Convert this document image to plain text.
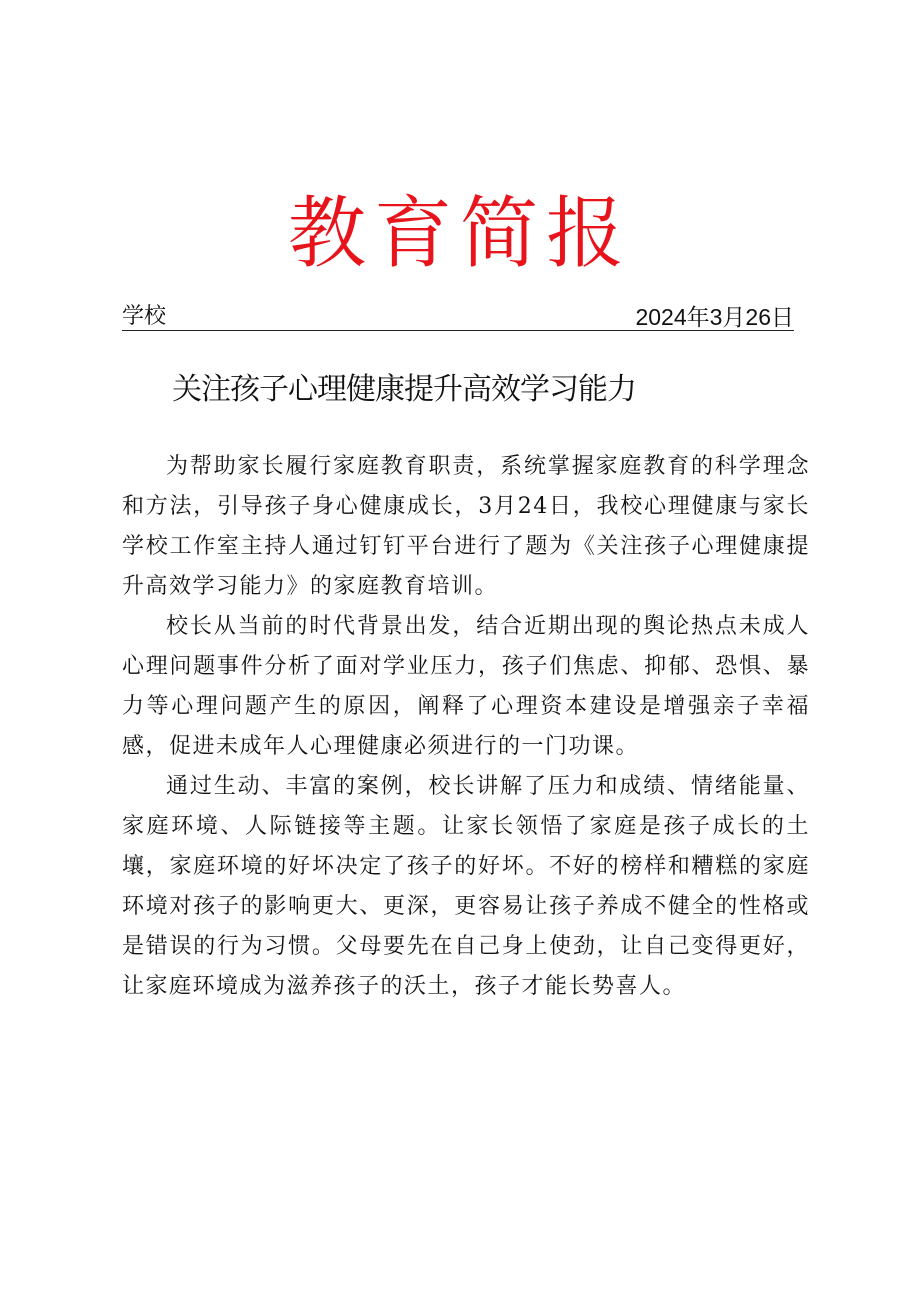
教育简报
学校	2024年3月26日
关注孩子心理健康提升高效学习能力

为帮助家长履行家庭教育职责，系统掌握家庭教育的科学理念和方法，引导孩子身心健康成长，3月24日，我校心理健康与家长学校工作室主持人通过钉钉平台进行了题为《关注孩子心理健康提升高效学习能力》的家庭教育培训。

校长从当前的时代背景出发，结合近期出现的舆论热点未成人心理问题事件分析了面对学业压力，孩子们焦虑、抑郁、恐惧、暴力等心理问题产生的原因，阐释了心理资本建设是增强亲子幸福感，促进未成年人心理健康必须进行的一门功课。

通过生动、丰富的案例，校长讲解了压力和成绩、情绪能量、家庭环境、人际链接等主题。让家长领悟了家庭是孩子成长的土壤，家庭环境的好坏决定了孩子的好坏。不好的榜样和糟糕的家庭环境对孩子的影响更大、更深，更容易让孩子养成不健全的性格或是错误的行为习惯。父母要先在自己身上使劲，让自己变得更好，让家庭环境成为滋养孩子的沃土，孩子才能长势喜人。
